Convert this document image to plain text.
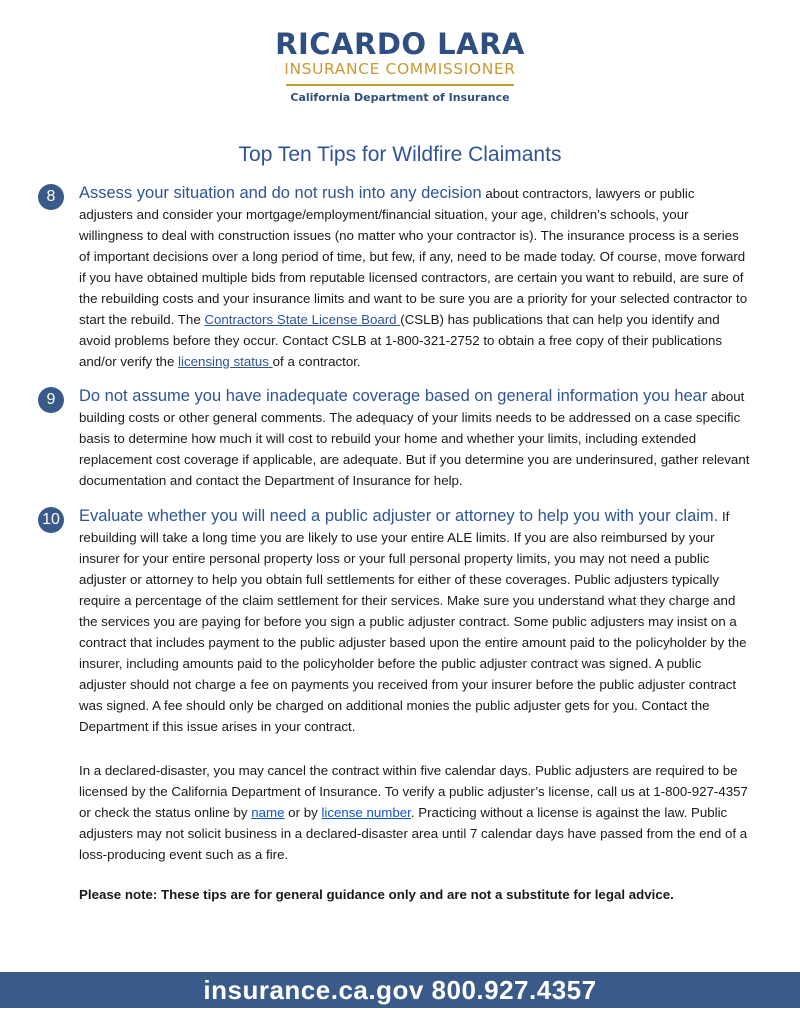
RICARDO LARA
INSURANCE COMMISSIONER
California Department of Insurance
Top Ten Tips for Wildfire Claimants
8	Assess your situation and do not rush into any decision about contractors, lawyers or public adjusters and consider your mortgage/employment/financial situation, your age, children’s schools, your willingness to deal with construction issues (no matter who your contractor is). The insurance process is a series of important decisions over a long period of time, but few, if any, need to be made today. Of course, move forward if you have obtained multiple bids from reputable licensed contractors, are certain you want to rebuild, are sure of the rebuilding costs and your insurance limits and want to be sure you are a priority for your selected contractor to start the rebuild. The Contractors State License Board (CSLB) has publications that can help you identify and avoid problems before they occur. Contact CSLB at 1-800-321-2752 to obtain a free copy of their publications and/or verify the licensing status of a contractor.
9	Do not assume you have inadequate coverage based on general information you hear about building costs or other general comments. The adequacy of your limits needs to be addressed on a case specific basis to determine how much it will cost to rebuild your home and whether your limits, including extended replacement cost coverage if applicable, are adequate. But if you determine you are underinsured, gather relevant documentation and contact the Department of Insurance for help.
10 Evaluate whether you will need a public adjuster or attorney to help you with your claim. If rebuilding will take a long time you are likely to use your entire ALE limits. If you are also reimbursed by your insurer for your entire personal property loss or your full personal property limits, you may not need a public adjuster or attorney to help you obtain full settlements for either of these coverages. Public adjusters typically require a percentage of the claim settlement for their services. Make sure you understand what they charge and the services you are paying for before you sign a public adjuster contract. Some public adjusters may insist on a contract that includes payment to the public adjuster based upon the entire amount paid to the policyholder by the insurer, including amounts paid to the policyholder before the public adjuster contract was signed. A public adjuster should not charge a fee on payments you received from your insurer before the public adjuster contract was signed. A fee should only be charged on additional monies the public adjuster gets for you. Contact the Department if this issue arises in your contract.
In a declared-disaster, you may cancel the contract within five calendar days. Public adjusters are required to be licensed by the California Department of Insurance. To verify a public adjuster’s license, call us at 1-800-927-4357 or check the status online by name or by license number. Practicing without a license is against the law. Public adjusters may not solicit business in a declared-disaster area until 7 calendar days have passed from the end of a loss-producing event such as a fire.
Please note: These tips are for general guidance only and are not a substitute for legal advice.
insurance.ca.gov 800.927.4357
